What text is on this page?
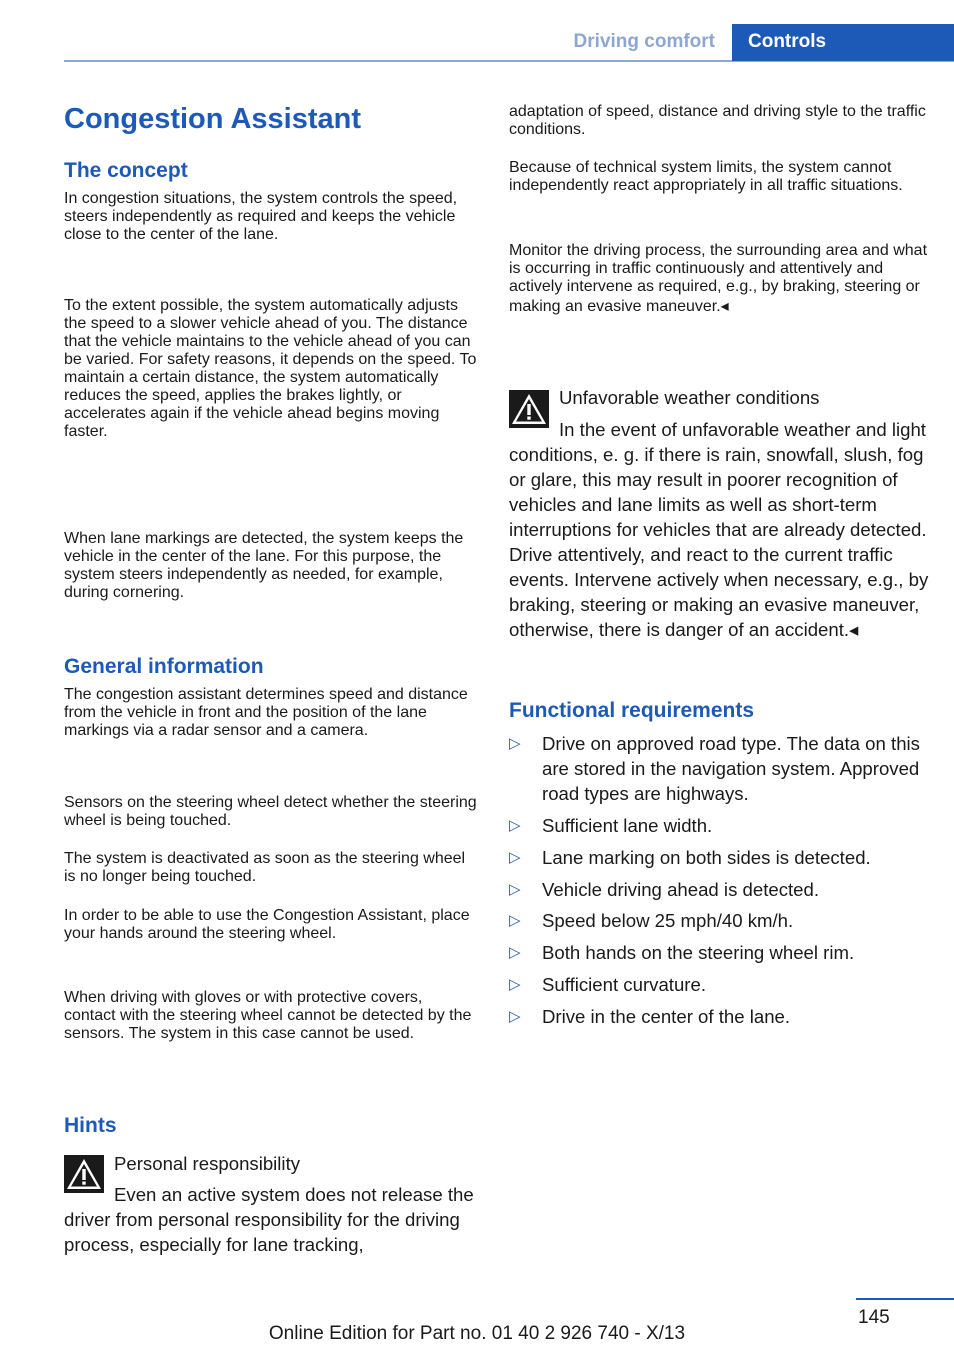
Driving comfort Controls
Congestion Assistant
The concept

In congestion situations, the system controls the speed, steers independently as required and keeps the vehicle close to the center of the lane.

To the extent possible, the system automatically adjusts the speed to a slower vehicle ahead of you. The distance that the vehicle maintains to the vehicle ahead of you can be varied. For safety reasons, it depends on the speed. To maintain a certain distance, the system automatically reduces the speed, applies the brakes lightly, or accelerates again if the vehicle ahead begins moving faster.

When lane markings are detected, the system keeps the vehicle in the center of the lane. For this purpose, the system steers independently as needed, for example, during cornering.

General information

The congestion assistant determines speed and distance from the vehicle in front and the position of the lane markings via a radar sensor and a camera.

Sensors on the steering wheel detect whether the steering wheel is being touched.

The system is deactivated as soon as the steering wheel is no longer being touched.

In order to be able to use the Congestion Assistant, place your hands around the steering wheel.

When driving with gloves or with protective covers, contact with the steering wheel cannot be detected by the sensors. The system in this case cannot be used.

Hints

Personal responsibility

Even an active system does not release the driver from personal responsibility for the driving process, especially for lane tracking,

adaptation of speed, distance and driving style to the traffic conditions.

Because of technical system limits, the system cannot independently react appropriately in all traffic situations.

Monitor the driving process, the surrounding area and what is occurring in traffic continuously and attentively and actively intervene as required, e.g., by braking, steering or making an evasive maneuver.◂

Unfavorable weather conditions

In the event of unfavorable weather and light conditions, e. g. if there is rain, snowfall, slush, fog or glare, this may result in poorer recognition of vehicles and lane limits as well as short-term interruptions for vehicles that are already detected. Drive attentively, and react to the current traffic events. Intervene actively when necessary, e.g., by braking, steering or making an evasive maneuver, otherwise, there is danger of an accident.◂

Functional requirements
▷ Drive on approved road type. The data on this are stored in the navigation system. Approved road types are highways.
▷ Sufficient lane width.
▷ Lane marking on both sides is detected.
▷ Vehicle driving ahead is detected.
▷ Speed below 25 mph/40 km/h.
▷ Both hands on the steering wheel rim.
▷ Sufficient curvature.
▷ Drive in the center of the lane.
145
Online Edition for Part no. 01 40 2 926 740 - X/13
